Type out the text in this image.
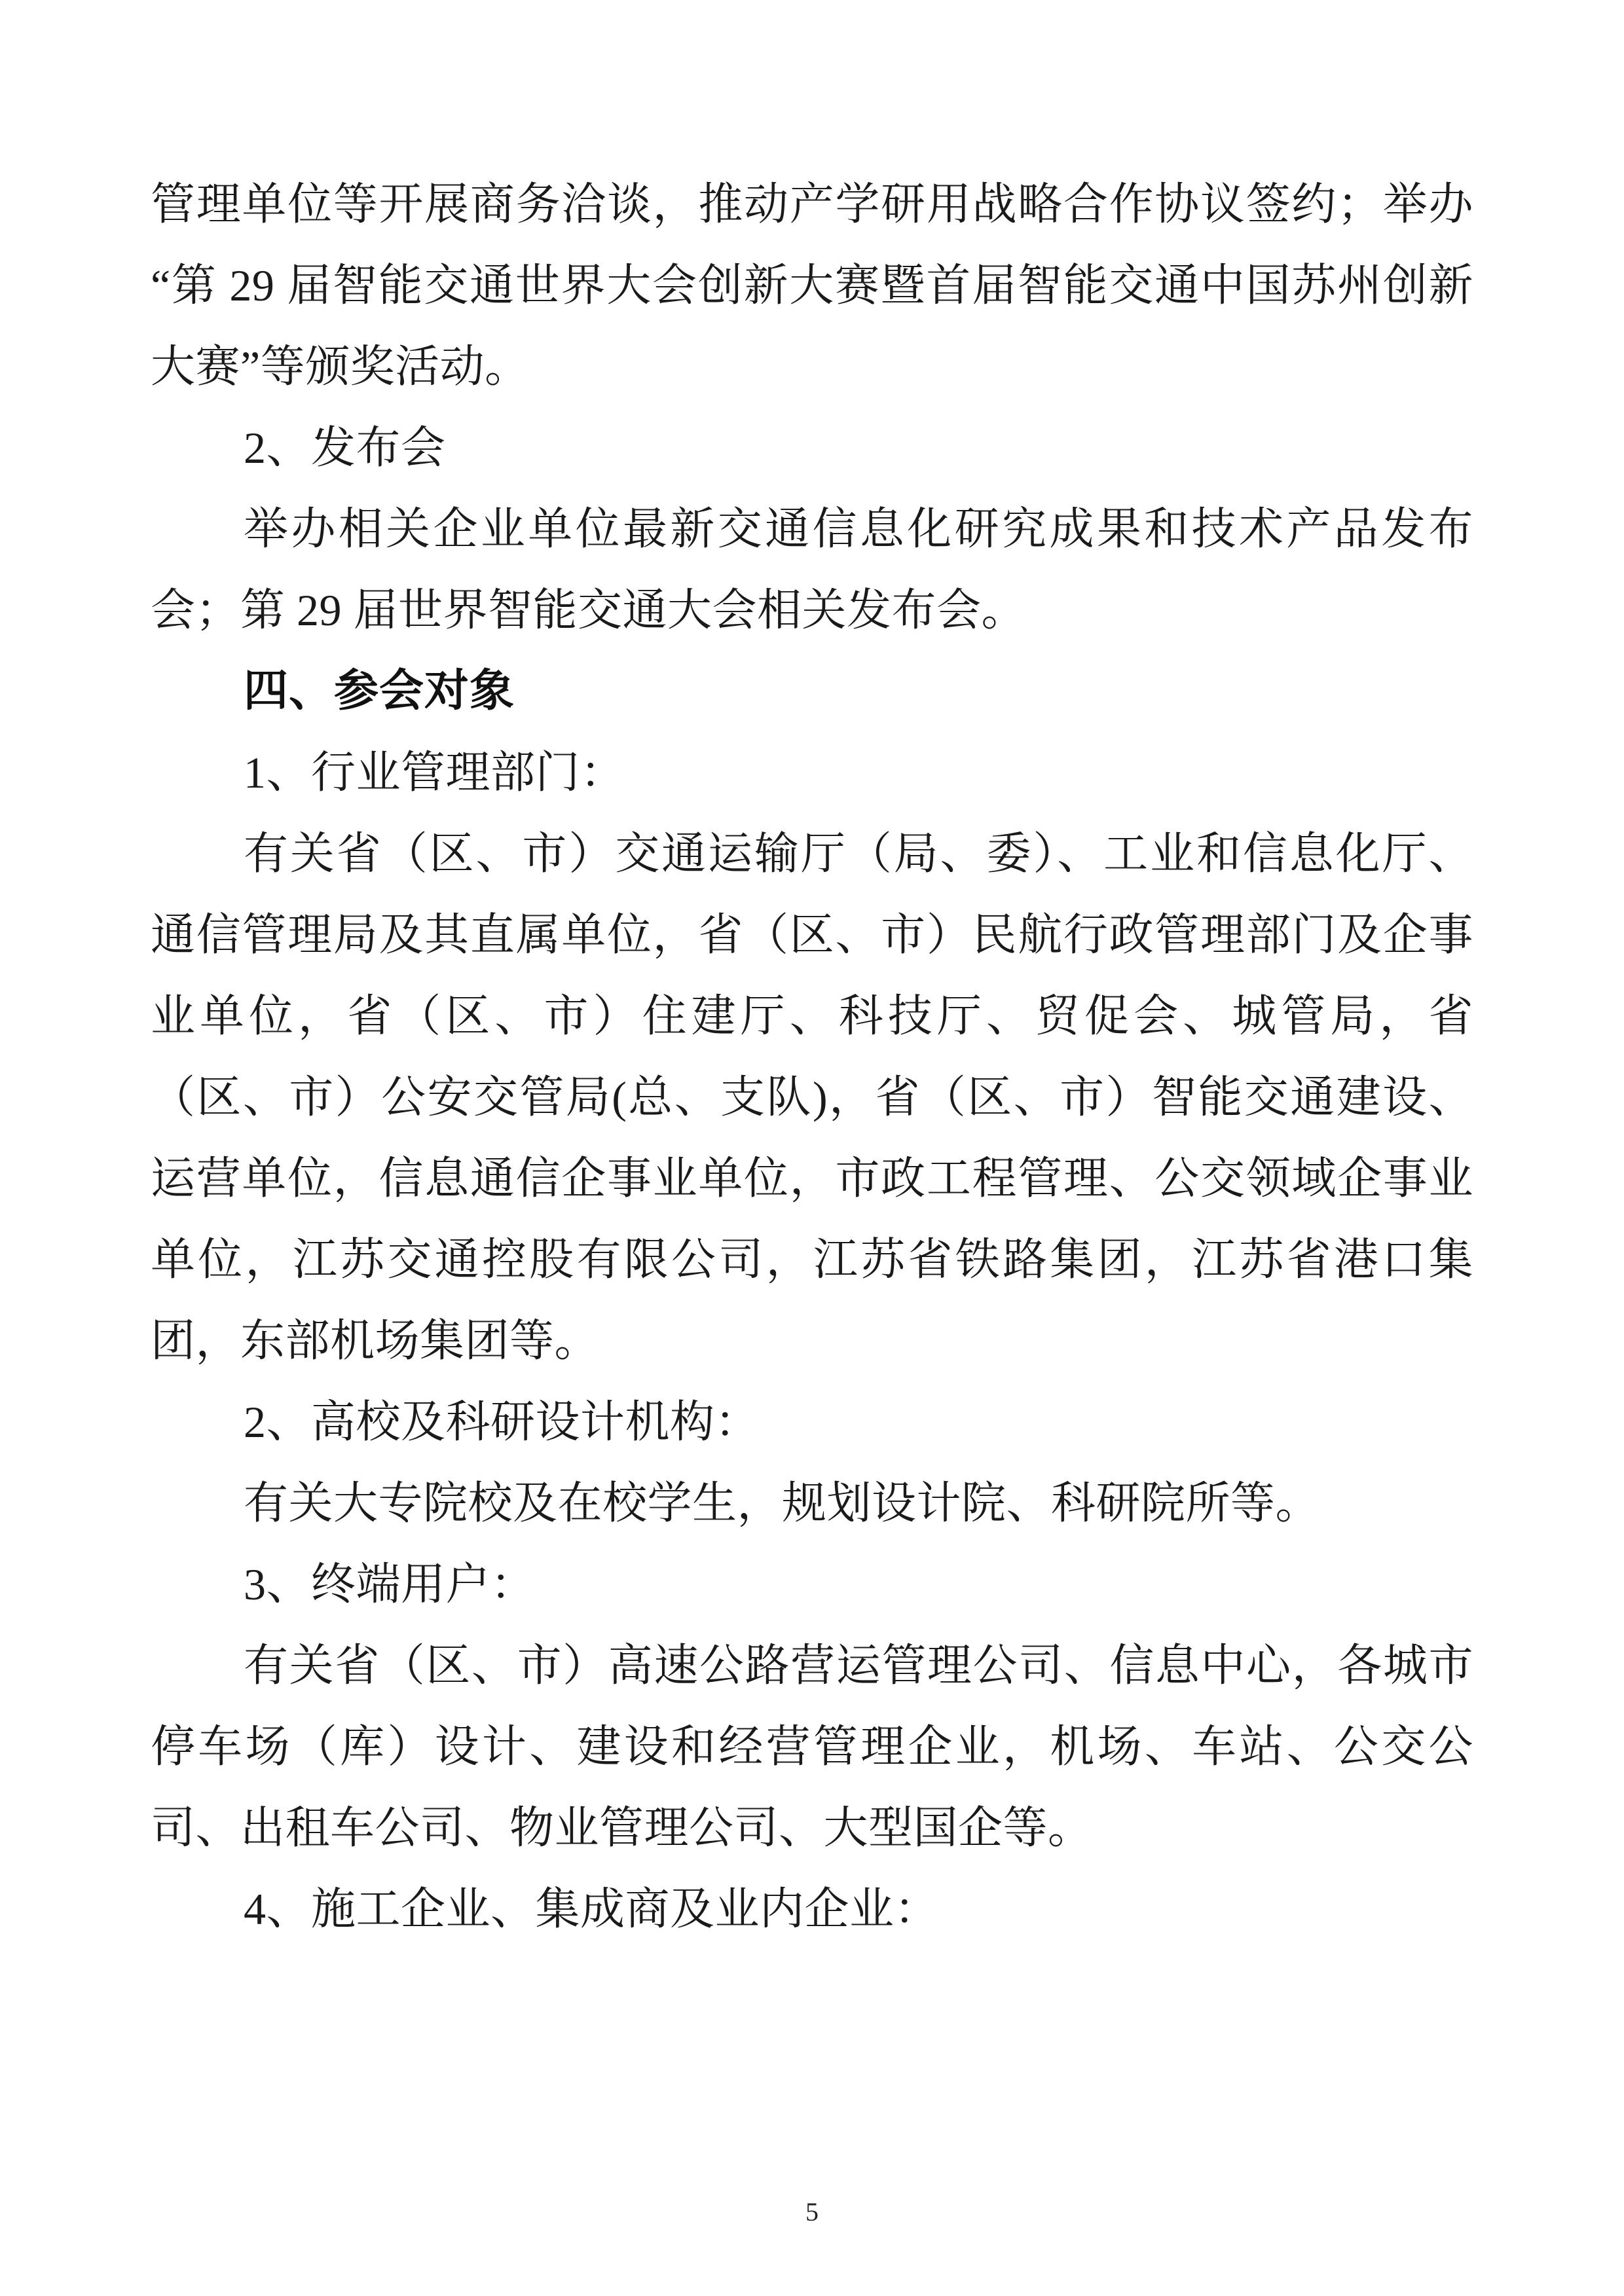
管理单位等开展商务洽谈，推动产学研用战略合作协议签约；举办“第 29 届智能交通世界大会创新大赛暨首届智能交通中国苏州创新大赛”等颁奖活动。

2、发布会

举办相关企业单位最新交通信息化研究成果和技术产品发布会；第 29 届世界智能交通大会相关发布会。

四、参会对象

1、行业管理部门：

有关省（区、市）交通运输厅（局、委）、工业和信息化厅、通信管理局及其直属单位，省（区、市）民航行政管理部门及企事业单位，省（区、市）住建厅、科技厅、贸促会、城管局，省（区、市）公安交管局(总、支队)，省（区、市）智能交通建设、运营单位，信息通信企事业单位，市政工程管理、公交领域企事业单位，江苏交通控股有限公司，江苏省铁路集团，江苏省港口集团，东部机场集团等。

2、高校及科研设计机构：

有关大专院校及在校学生，规划设计院、科研院所等。

3、终端用户：

有关省（区、市）高速公路营运管理公司、信息中心，各城市停车场（库）设计、建设和经营管理企业，机场、车站、公交公司、出租车公司、物业管理公司、大型国企等。

4、施工企业、集成商及业内企业：

5
